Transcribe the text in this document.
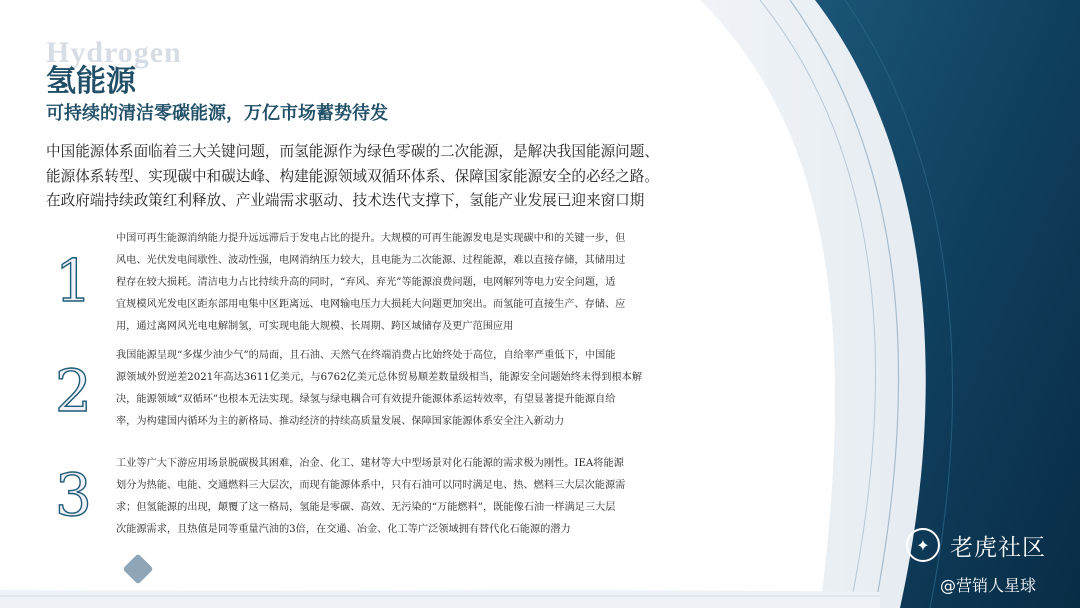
Hydrogen
氢能源
可持续的清洁零碳能源，万亿市场蓄势待发
中国能源体系面临着三大关键问题，而氢能源作为绿色零碳的二次能源，是解决我国能源问题、
能源体系转型、实现碳中和碳达峰、构建能源领域双循环体系、保障国家能源安全的必经之路。
在政府端持续政策红利释放、产业端需求驱动、技术迭代支撑下，氢能产业发展已迎来窗口期
1
中国可再生能源消纳能力提升远远滞后于发电占比的提升。大规模的可再生能源发电是实现碳中和的关键一步，但
风电、光伏发电间歇性、波动性强，电网消纳压力较大，且电能为二次能源、过程能源，难以直接存储，其储用过
程存在较大损耗。清洁电力占比持续升高的同时，“弃风、弃光”等能源浪费问题，电网解列等电力安全问题，适
宜规模风光发电区距东部用电集中区距离远、电网输电压力大损耗大问题更加突出。而氢能可直接生产、存储、应
用，通过离网风光电电解制氢，可实现电能大规模、长周期、跨区域储存及更广范围应用
2
我国能源呈现“多煤少油少气”的局面，且石油、天然气在终端消费占比始终处于高位，自给率严重低下，中国能
源领域外贸逆差2021年高达3611亿美元，与6762亿美元总体贸易顺差数量级相当，能源安全问题始终未得到根本解
决，能源领域“双循环”也根本无法实现。绿氢与绿电耦合可有效提升能源体系运转效率，有望显著提升能源自给
率，为构建国内循环为主的新格局、推动经济的持续高质量发展、保障国家能源体系安全注入新动力
3 工业等广大下游应用场景脱碳极其困难，冶金、化工、建材等大中型场景对化石能源的需求极为刚性。IEA将能源
划分为热能、电能、交通燃料三大层次，而现有能源体系中，只有石油可以同时满足电、热、燃料三大层次能源需
求；但氢能源的出现，颠覆了这一格局，氢能是零碳、高效、无污染的“万能燃料”，既能像石油一样满足三大层
次能源需求，且热值是同等重量汽油的3倍，在交通、冶金、化工等广泛领域拥有替代化石能源的潜力
✦ 老虎社区
@营销人星球
